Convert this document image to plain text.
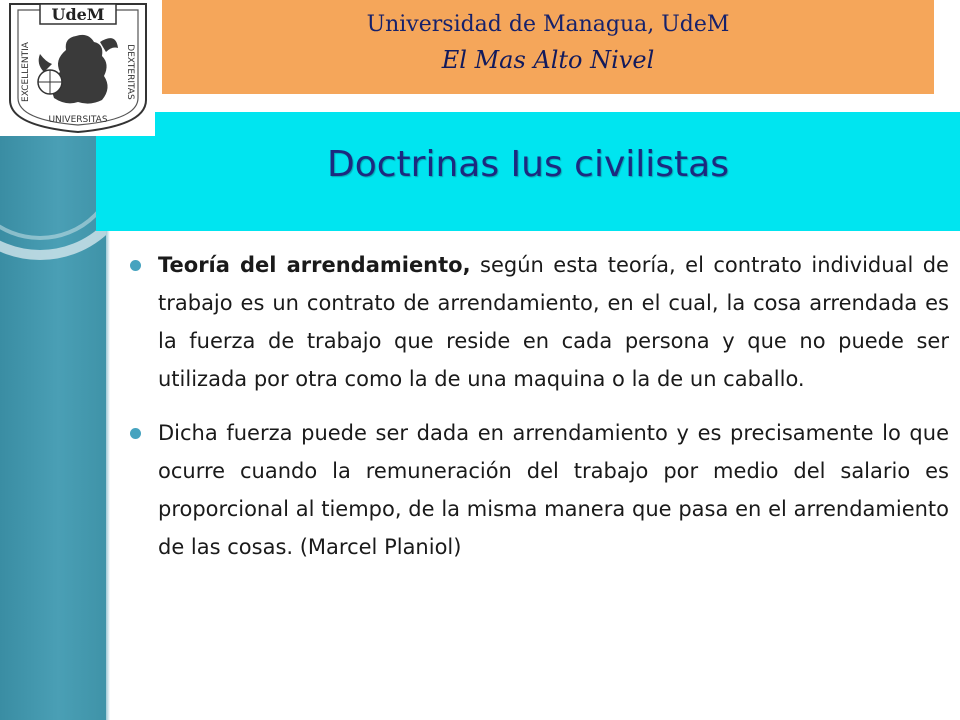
Universidad de Managua, UdeM
El Mas Alto Nivel
Doctrinas Ius civilistas
UdeM
EXCELLENTIA	DEXTERITAS
UNIVERSITAS
Teoría del arrendamiento, según esta teoría, el contrato individual de trabajo es un contrato de arrendamiento, en el cual, la cosa arrendada es la fuerza de trabajo que reside en cada persona y que no puede ser utilizada por otra como la de una maquina o la de un caballo.
Dicha fuerza puede ser dada en arrendamiento y es precisamente lo que ocurre cuando la remuneración del trabajo por medio del salario es proporcional al tiempo, de la misma manera que pasa en el arrendamiento de las cosas. (Marcel Planiol)
